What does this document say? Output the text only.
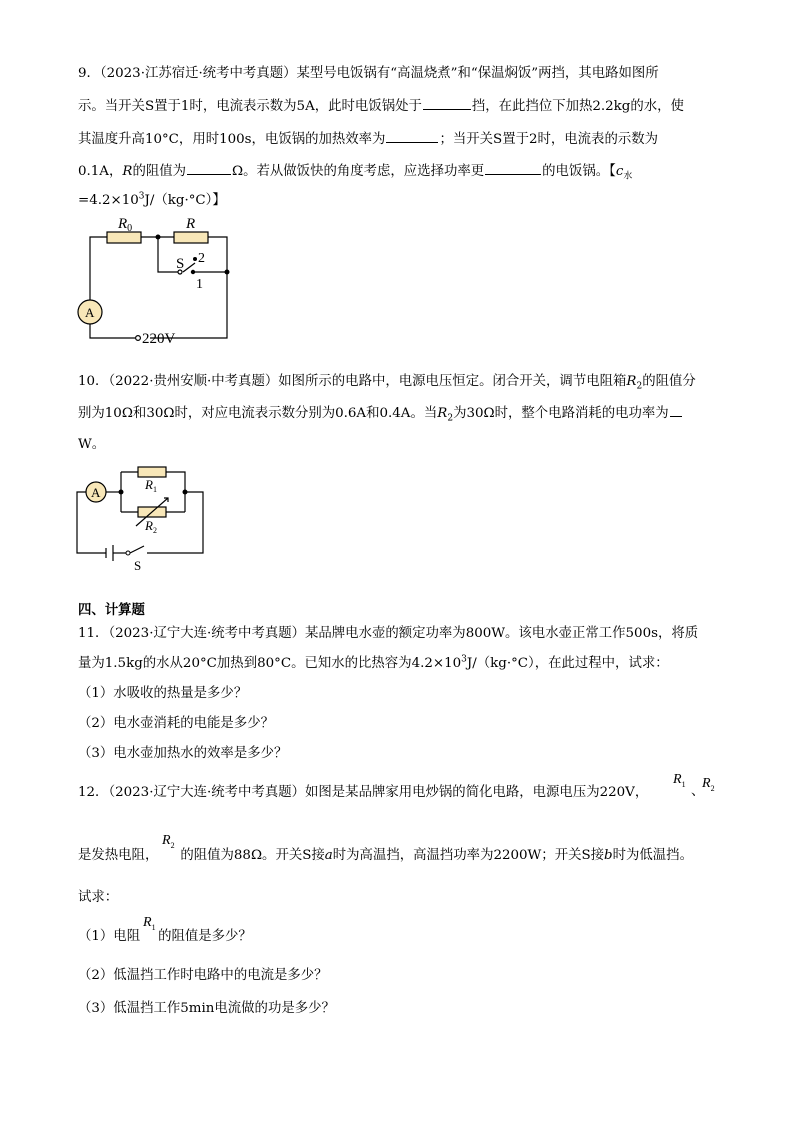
9．（2023·江苏宿迁·统考中考真题）某型号电饭锅有“高温烧煮”和“保温焖饭”两挡，其电路如图所
示。当开关S置于1时，电流表示数为5A，此时电饭锅处于	挡，在此挡位下加热2.2kg的水，使
其温度升高10°C，用时100s，电饭锅的加热效率为	；当开关S置于2时，电流表的示数为
0.1A，R的阻值为	Ω。若从做饭快的角度考虑，应选择功率更	的电饭锅。【$c_水$
$=4.2\times 10^3J/(kg\cdot^\circ C)$】
$R_0$	R
S 2
1
A
220V
10．（2022·贵州安顺·中考真题）如图所示的电路中，电源电压恒定。闭合开关，调节电阻箱$R_2$的阻值分
别为10Ω和30Ω时，对应电流表示数分别为0.6A和0.4A。当$R_2$为30Ω时，整个电路消耗的电功率为
W。
A
$R_1$
$R_2$
S
四、计算题
11．（2023·辽宁大连·统考中考真题）某品牌电水壶的额定功率为800W。该电水壶正常工作500s，将质
量为1.5kg的水从20°C加热到80°C。已知水的比热容为$4.2\times 10^3J/(kg\cdot^\circ C)$，在此过程中，试求：
（1）水吸收的热量是多少？
（2）电水壶消耗的电能是多少？
（3）电水壶加热水的效率是多少？
12．（2023·辽宁大连·统考中考真题）如图是某品牌家用电炒锅的简化电路，电源电压为220V，
$R_1$ 、
$R_2$
是发热电阻， 的阻值为88Ω。开关S接a时为高温挡，高温挡功率为2200W；开关S接b时为低温挡。
$R_2$
试求：
（1）电阻 的阻值是多少？
$R_1$
（2）低温挡工作时电路中的电流是多少？
（3）低温挡工作5min电流做的功是多少？
